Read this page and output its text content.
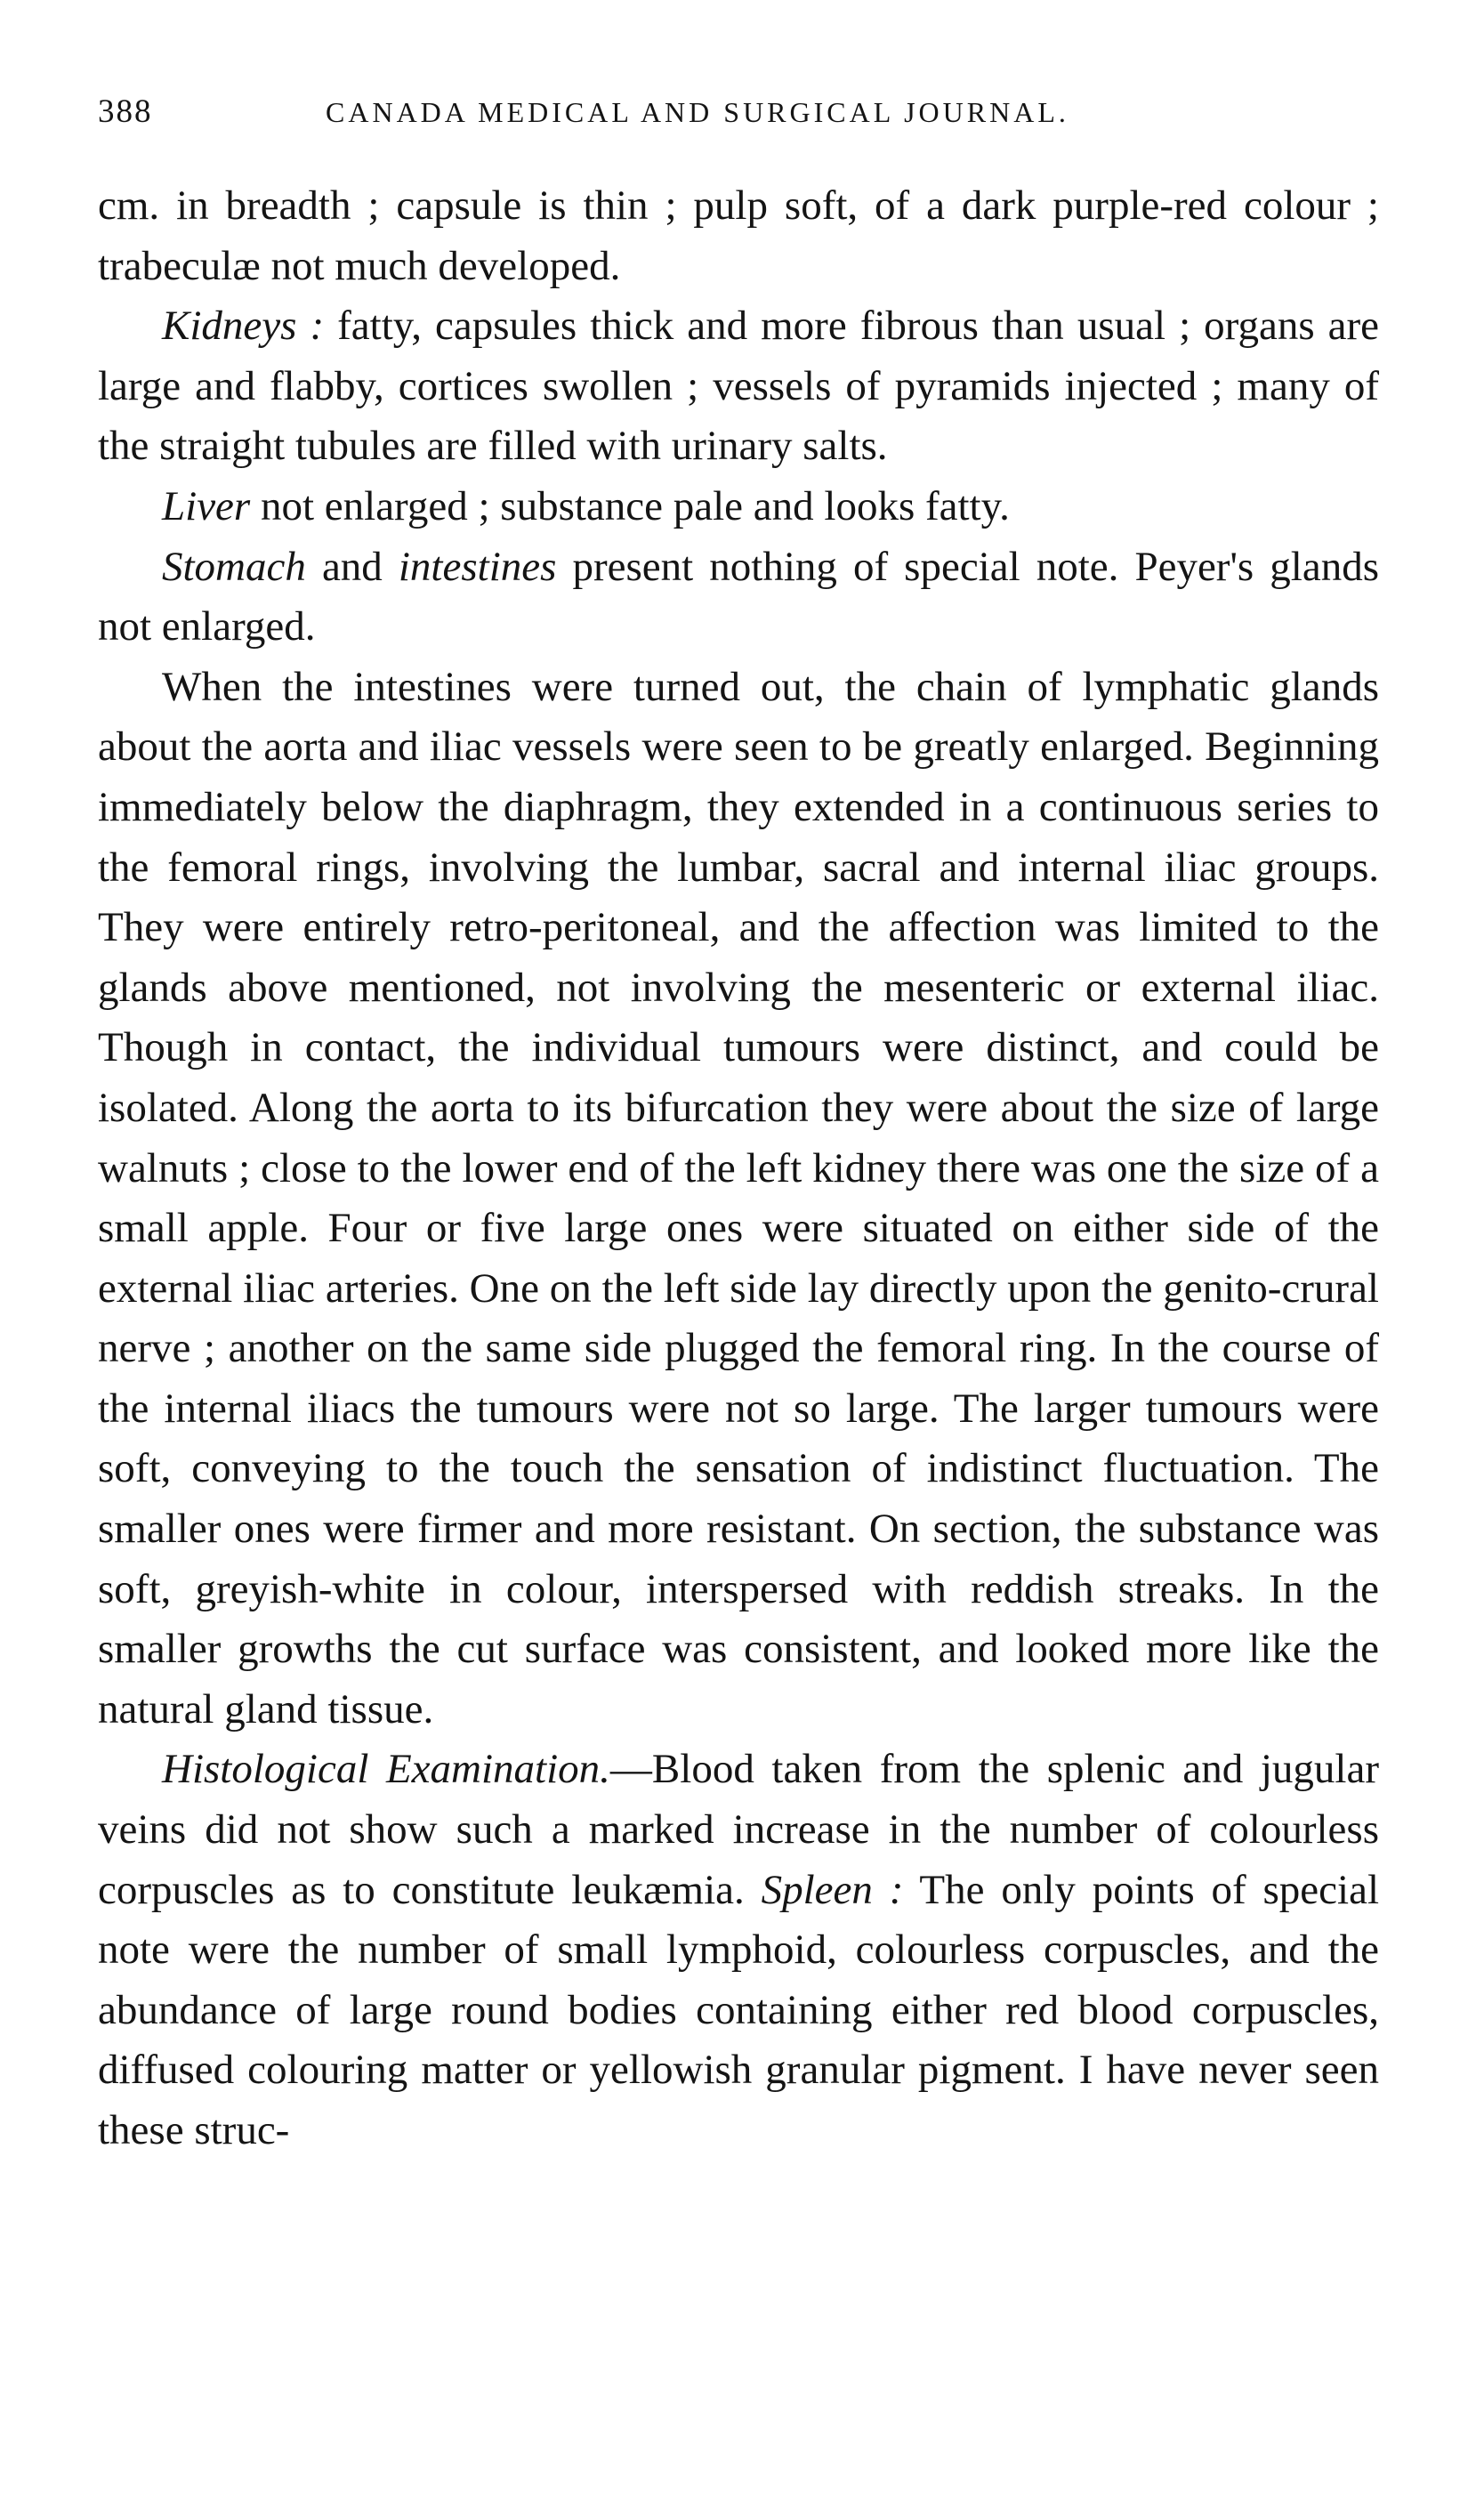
388	CANADA MEDICAL AND SURGICAL JOURNAL.

cm. in breadth ; capsule is thin ; pulp soft, of a dark purple-red colour ; trabeculæ not much developed.

Kidneys : fatty, capsules thick and more fibrous than usual ; organs are large and flabby, cortices swollen ; vessels of pyramids injected ; many of the straight tubules are filled with urinary salts.

Liver not enlarged ; substance pale and looks fatty.

Stomach and intestines present nothing of special note. Peyer's glands not enlarged.

When the intestines were turned out, the chain of lymphatic glands about the aorta and iliac vessels were seen to be greatly enlarged. Beginning immediately below the diaphragm, they extended in a continuous series to the femoral rings, involving the lumbar, sacral and internal iliac groups. They were entirely retro-peritoneal, and the affection was limited to the glands above mentioned, not involving the mesenteric or external iliac. Though in contact, the individual tumours were distinct, and could be isolated. Along the aorta to its bifurcation they were about the size of large walnuts ; close to the lower end of the left kidney there was one the size of a small apple. Four or five large ones were situated on either side of the external iliac arteries. One on the left side lay directly upon the genito-crural nerve ; another on the same side plugged the femoral ring. In the course of the internal iliacs the tumours were not so large. The larger tumours were soft, conveying to the touch the sensation of indistinct fluctuation. The smaller ones were firmer and more resistant. On section, the substance was soft, greyish-white in colour, interspersed with reddish streaks. In the smaller growths the cut surface was consistent, and looked more like the natural gland tissue.

Histological Examination.—Blood taken from the splenic and jugular veins did not show such a marked increase in the number of colourless corpuscles as to constitute leukæmia. Spleen : The only points of special note were the number of small lymphoid, colourless corpuscles, and the abundance of large round bodies containing either red blood corpuscles, diffused colouring matter or yellowish granular pigment. I have never seen these struc-
